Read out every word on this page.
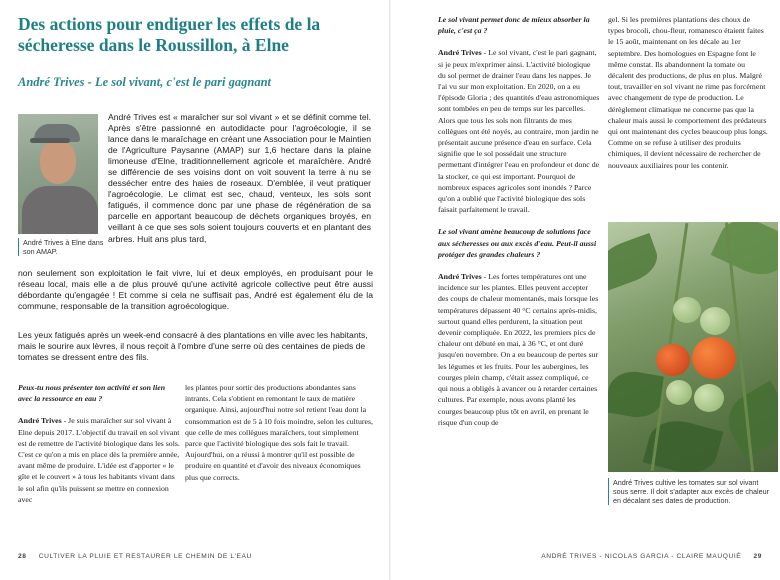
Des actions pour endiguer les effets de la sécheresse dans le Roussillon, à Elne
André Trives - Le sol vivant, c'est le pari gagnant
André Trives à Elne dans son AMAP.

André Trives est « maraîcher sur sol vivant » et se définit comme tel. Après s'être passionné en autodidacte pour l'agroécologie, il se lance dans le maraîchage en créant une Association pour le Maintien de l'Agriculture Paysanne (AMAP) sur 1,6 hectare dans la plaine limoneuse d'Elne, traditionnellement agricole et maraîchère. André se différencie de ses voisins dont on voit souvent la terre à nu se dessécher entre des haies de roseaux. D'emblée, il veut pratiquer l'agroécologie. Le climat est sec, chaud, venteux, les sols sont fatigués, il commence donc par une phase de régénération de sa parcelle en apportant beaucoup de déchets organiques broyés, en veillant à ce que ses sols soient toujours couverts et en plantant des arbres. Huit ans plus tard,

non seulement son exploitation le fait vivre, lui et deux employés, en produisant pour le réseau local, mais elle a de plus prouvé qu'une activité agricole collective peut être aussi débordante qu'engagée ! Et comme si cela ne suffisait pas, André est également élu de la commune, responsable de la transition agroécologique.

Les yeux fatigués après un week-end consacré à des plantations en ville avec les habitants, mais le sourire aux lèvres, il nous reçoit à l'ombre d'une serre où des centaines de pieds de tomates se dressent entre des fils.

Peux-tu nous présenter ton activité et son lien avec la ressource en eau ?
André Trives - Je suis maraîcher sur sol vivant à Elne depuis 2017. L'objectif du travail en sol vivant est de remettre de l'activité biologique dans les sols. C'est ce qu'on a mis en place dès la première année, avant même de produire. L'idée est d'apporter « le gîte et le couvert » à tous les habitants vivant dans le sol afin qu'ils puissent se mettre en connexion avec
les plantes pour sortir des productions abondantes sans intrants. Cela s'obtient en remontant le taux de matière organique. Ainsi, aujourd'hui notre sol retient l'eau dont la consommation est de 5 à 10 fois moindre, selon les cultures, que celle de mes collègues maraîchers, tout simplement parce que l'activité biologique des sols fait le travail. Aujourd'hui, on a réussi à montrer qu'il est possible de produire en quantité et d'avoir des niveaux économiques plus que corrects.
28 CULTIVER LA PLUIE ET RESTAURER LE CHEMIN DE L'EAU
Le sol vivant permet donc de mieux absorber la pluie, c'est ça ?
André Trives - Le sol vivant, c'est le pari gagnant, si je peux m'exprimer ainsi. L'activité biologique du sol permet de drainer l'eau dans les nappes. Je l'ai vu sur mon exploitation. En 2020, on a eu l'épisode Gloria ; des quantités d'eau astronomiques sont tombées en peu de temps sur les parcelles. Alors que tous les sols non filtrants de mes collègues ont été noyés, au contraire, mon jardin ne présentait aucune présence d'eau en surface. Cela signifie que le sol possédait une structure permettant d'intégrer l'eau en profondeur et donc de la stocker, ce qui est important. Pourquoi de nombreux espaces agricoles sont inondés ? Parce qu'on a oublié que l'activité biologique des sols faisait parfaitement le travail.
Le sol vivant amène beaucoup de solutions face aux sécheresses ou aux excès d'eau. Peut-il aussi protéger des grandes chaleurs ?
André Trives - Les fortes températures ont une incidence sur les plantes. Elles peuvent accepter des coups de chaleur momentanés, mais lorsque les températures dépassent 40 °C certains après-midis, surtout quand elles perdurent, la situation peut devenir compliquée. En 2022, les premiers pics de chaleur ont débuté en mai, à 36 °C, et ont duré jusqu'en novembre. On a eu beaucoup de pertes sur les légumes et les fruits. Pour les aubergines, les courges plein champ, c'était assez compliqué, ce qui nous a obligés à avancer ou à retarder certaines cultures. Par exemple, nous avons planté les courges beaucoup plus tôt en avril, en prenant le risque d'un coup de
gel. Si les premières plantations des choux de types brocoli, chou-fleur, romanesco étaient faites le 15 août, maintenant on les décale au 1er septembre. Des homologues en Espagne font le même constat. Ils abandonnent la tomate ou décalent des productions, de plus en plus. Malgré tout, travailler en sol vivant ne rime pas forcément avec changement de type de production. Le dérèglement climatique ne concerne pas que la chaleur mais aussi le comportement des prédateurs qui ont maintenant des cycles beaucoup plus longs. Comme on se refuse à utiliser des produits chimiques, il devient nécessaire de rechercher de nouveaux auxiliaires pour les contenir.
André Trives cultive les tomates sur sol vivant sous serre. Il doit s'adapter aux excès de chaleur en décalant ses dates de production.
ANDRÉ TRIVES - NICOLAS GARCIA - CLAIRE MAUQUIÉ 29
